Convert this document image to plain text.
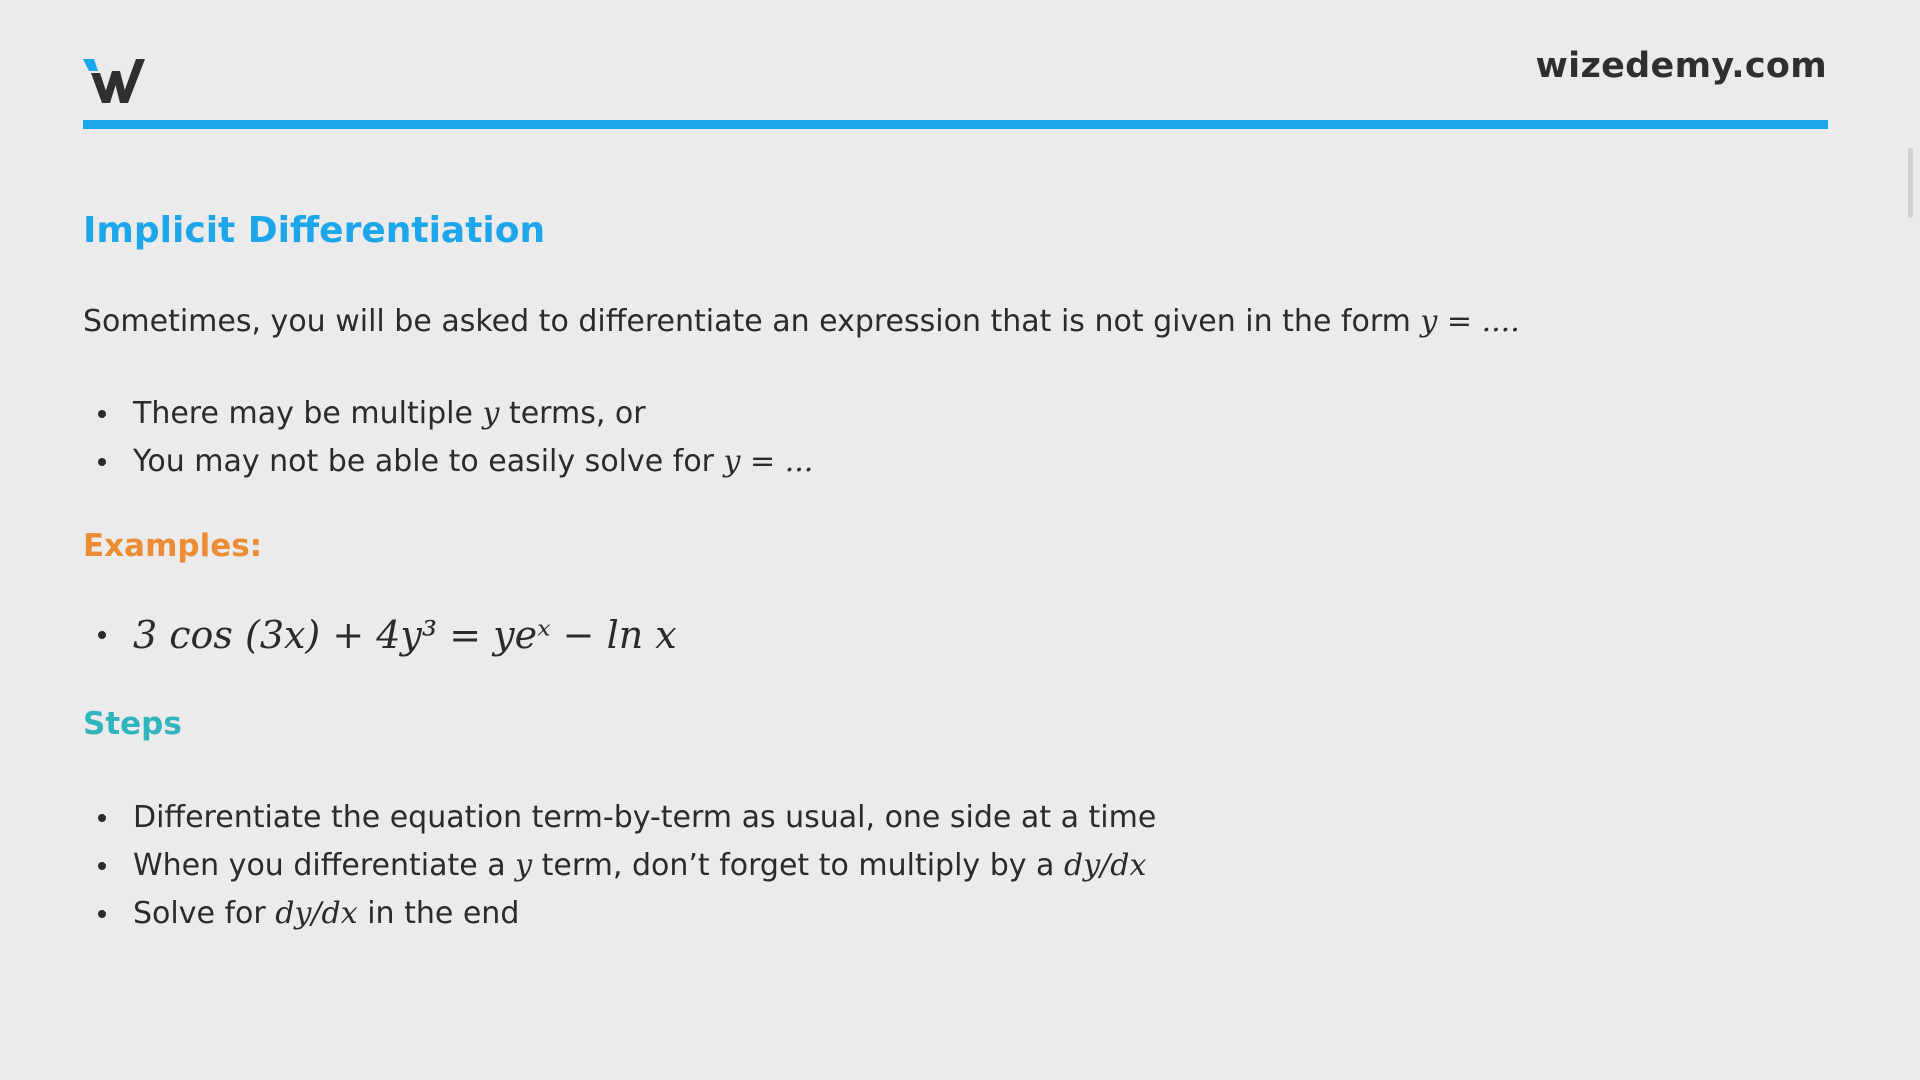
wizedemy.com
Implicit Differentiation

Sometimes, you will be asked to differentiate an expression that is not given in the form y = ....

There may be multiple y terms, or
You may not be able to easily solve for y = ...
Examples:
3 cos (3x) + 4y³ = yeˣ − ln x
Steps
Differentiate the equation term-by-term as usual, one side at a time
When you differentiate a y term, don’t forget to multiply by a dy/dx
Solve for dy/dx in the end
